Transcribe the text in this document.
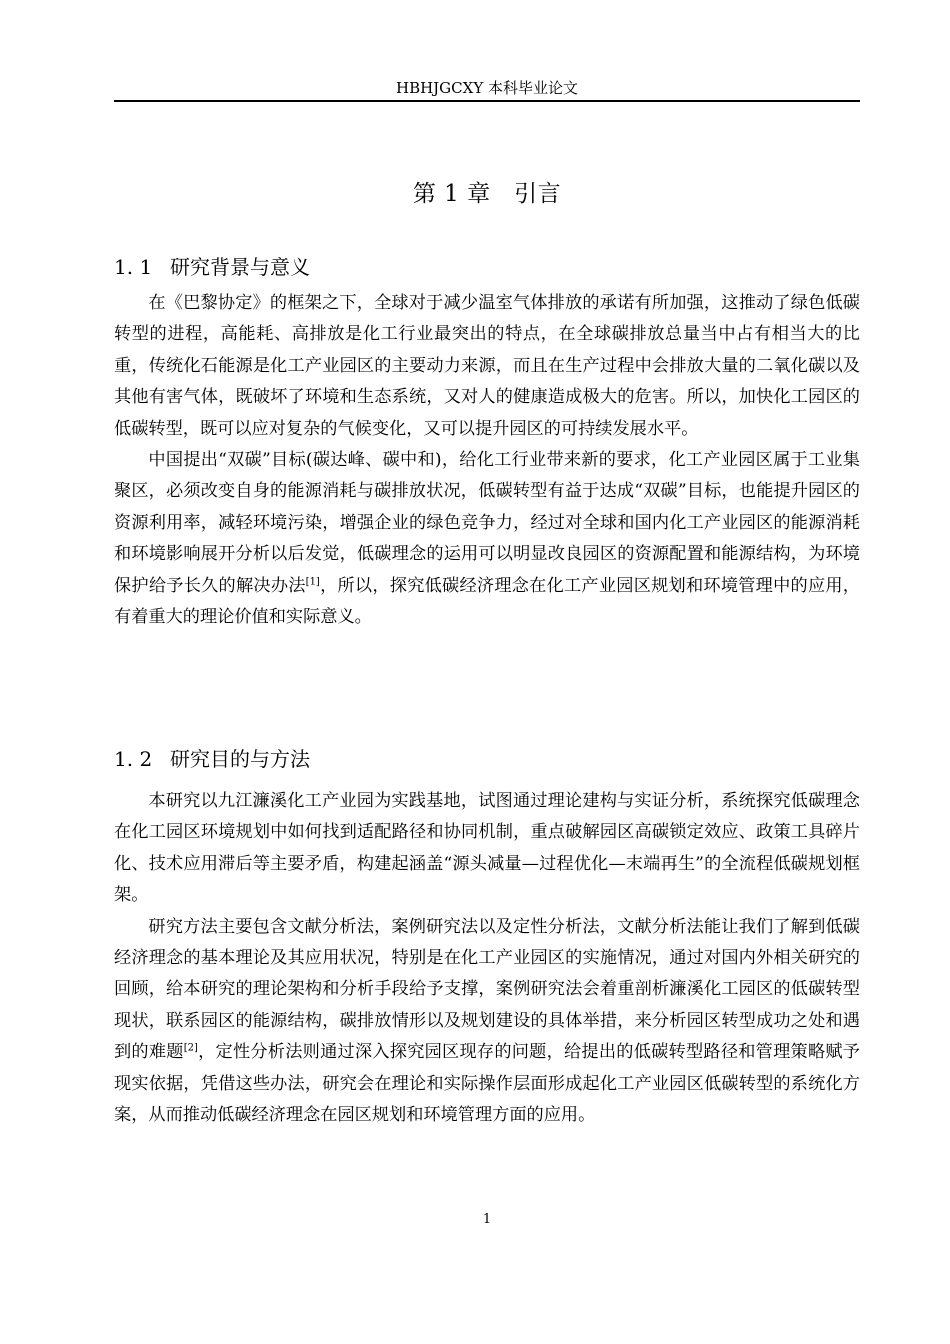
HBHJGCXY 本科毕业论文
第 1 章　引言
1. 1 研究背景与意义

在《巴黎协定》的框架之下，全球对于减少温室气体排放的承诺有所加强，这推动了绿色低碳转型的进程，高能耗、高排放是化工行业最突出的特点，在全球碳排放总量当中占有相当大的比重，传统化石能源是化工产业园区的主要动力来源，而且在生产过程中会排放大量的二氧化碳以及其他有害气体，既破坏了环境和生态系统，又对人的健康造成极大的危害。所以，加快化工园区的低碳转型，既可以应对复杂的气候变化，又可以提升园区的可持续发展水平。

中国提出“双碳”目标(碳达峰、碳中和)，给化工行业带来新的要求，化工产业园区属于工业集聚区，必须改变自身的能源消耗与碳排放状况，低碳转型有益于达成“双碳”目标，也能提升园区的资源利用率，减轻环境污染，增强企业的绿色竞争力，经过对全球和国内化工产业园区的能源消耗和环境影响展开分析以后发觉，低碳理念的运用可以明显改良园区的资源配置和能源结构，为环境保护给予长久的解决办法[1]，所以，探究低碳经济理念在化工产业园区规划和环境管理中的应用，有着重大的理论价值和实际意义。

1. 2 研究目的与方法

本研究以九江濂溪化工产业园为实践基地，试图通过理论建构与实证分析，系统探究低碳理念在化工园区环境规划中如何找到适配路径和协同机制，重点破解园区高碳锁定效应、政策工具碎片化、技术应用滞后等主要矛盾，构建起涵盖“源头减量—过程优化—末端再生”的全流程低碳规划框架。

研究方法主要包含文献分析法，案例研究法以及定性分析法，文献分析法能让我们了解到低碳经济理念的基本理论及其应用状况，特别是在化工产业园区的实施情况，通过对国内外相关研究的回顾，给本研究的理论架构和分析手段给予支撑，案例研究法会着重剖析濂溪化工园区的低碳转型现状，联系园区的能源结构，碳排放情形以及规划建设的具体举措，来分析园区转型成功之处和遇到的难题[2]，定性分析法则通过深入探究园区现存的问题，给提出的低碳转型路径和管理策略赋予现实依据，凭借这些办法，研究会在理论和实际操作层面形成起化工产业园区低碳转型的系统化方案，从而推动低碳经济理念在园区规划和环境管理方面的应用。

1
